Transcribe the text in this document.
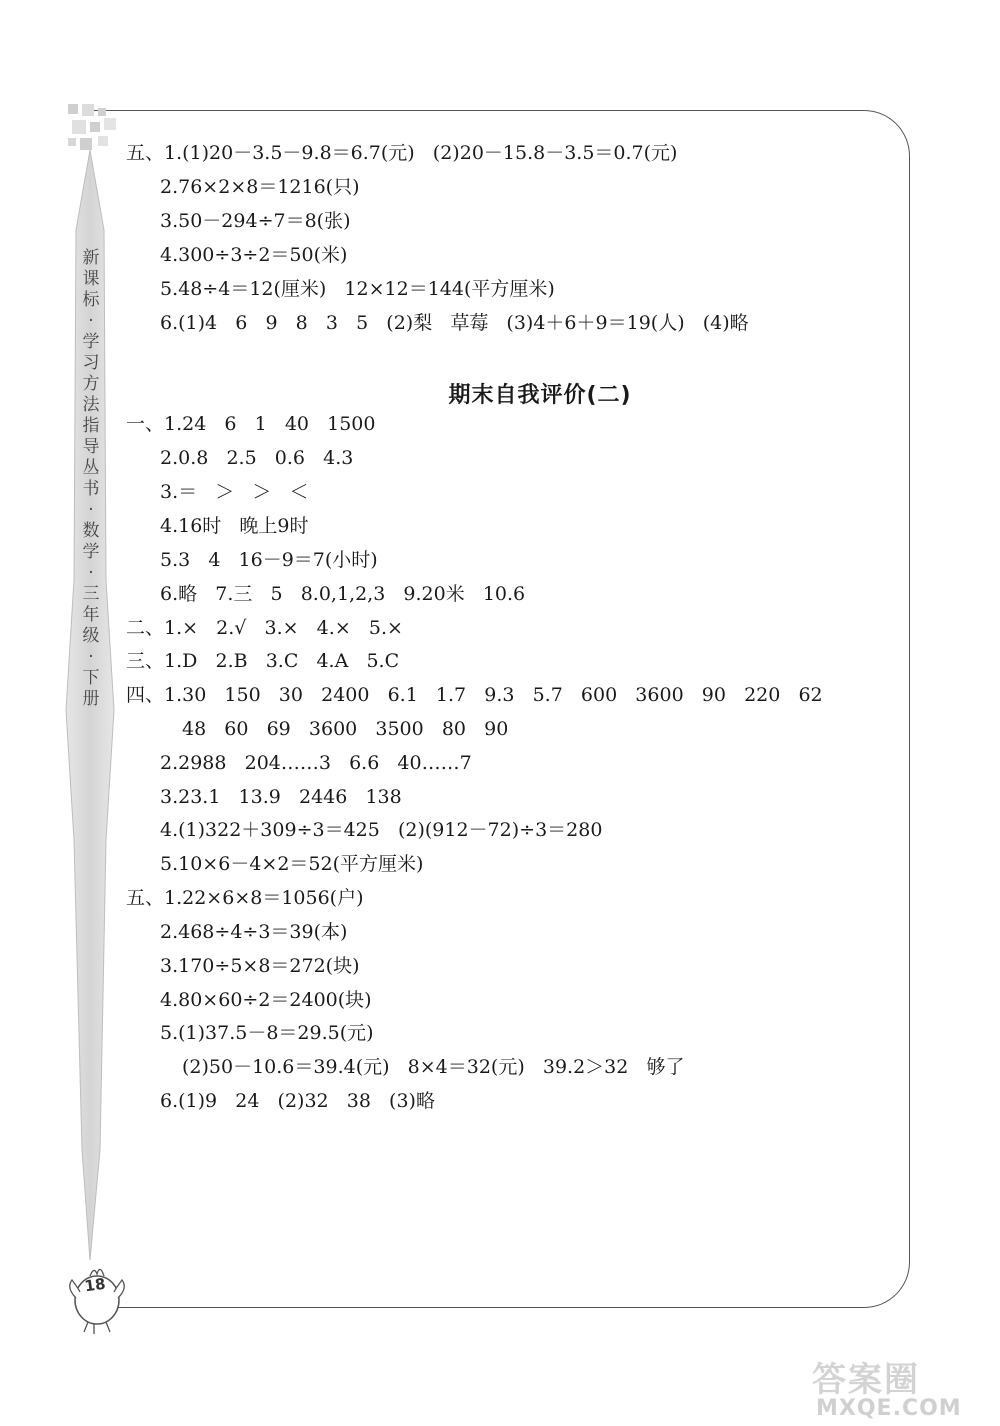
新课标·学习方法指导丛书·数学·三年级·下册
18
五、1.(1)20－3.5－9.8＝6.7(元)   (2)20－15.8－3.5＝0.7(元)
2.76×2×8＝1216(只)
3.50－294÷7＝8(张)
4.300÷3÷2＝50(米)
5.48÷4＝12(厘米)   12×12＝144(平方厘米)
6.(1)4   6   9   8   3   5   (2)梨   草莓   (3)4＋6＋9＝19(人)   (4)略
期末自我评价(二)
一、1.24   6   1   40   1500
2.0.8   2.5   0.6   4.3
3.＝   ＞   ＞   ＜
4.16时   晚上9时
5.3   4   16－9＝7(小时)
6.略   7.三   5   8.0,1,2,3   9.20米   10.6
二、1.×   2.√   3.×   4.×   5.×
三、1.D   2.B   3.C   4.A   5.C
四、1.30   150   30   2400   6.1   1.7   9.3   5.7   600   3600   90   220   62
48   60   69   3600   3500   80   90
2.2988   204……3   6.6   40……7
3.23.1   13.9   2446   138
4.(1)322＋309÷3＝425   (2)(912－72)÷3＝280
5.10×6－4×2＝52(平方厘米)
五、1.22×6×8＝1056(户)
2.468÷4÷3＝39(本)
3.170÷5×8＝272(块)
4.80×60÷2＝2400(块)
5.(1)37.5－8＝29.5(元)
(2)50－10.6＝39.4(元)   8×4＝32(元)   39.2＞32   够了
6.(1)9   24   (2)32   38   (3)略
答案圈
MXQE.COM
